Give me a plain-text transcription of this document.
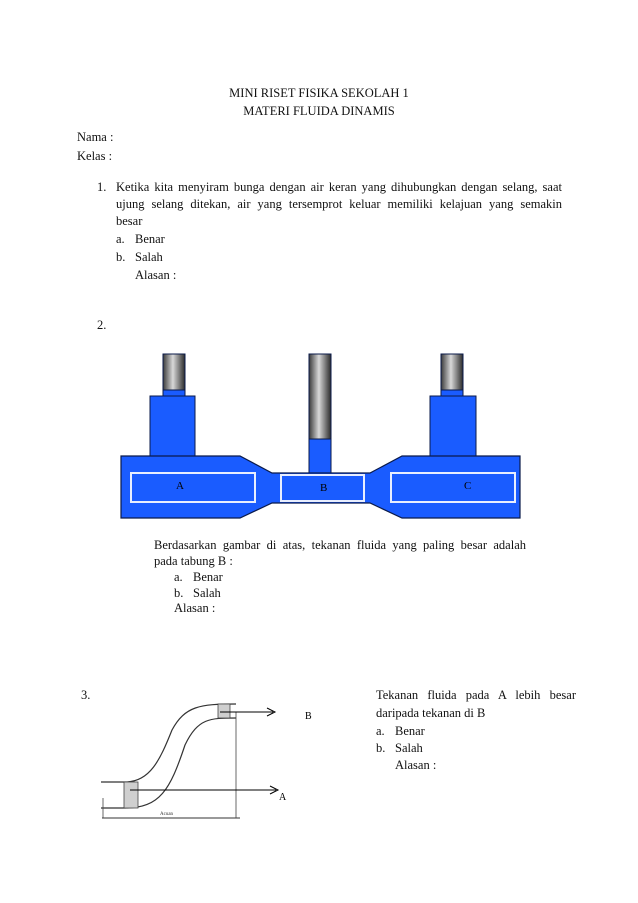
MINI RISET FISIKA SEKOLAH 1
MATERI FLUIDA DINAMIS
Nama :
Kelas :
1. Ketika kita menyiram bunga dengan air keran yang dihubungkan dengan selang, saat
ujung selang ditekan, air yang tersemprot keluar memiliki kelajuan yang semakin
besar
a. Benar
b. Salah
Alasan :
2.
A	B	C
Berdasarkan gambar di atas, tekanan fluida yang paling besar adalah
pada tabung B :
a. Benar
b. Salah
Alasan :
3.
Acuan
B
A
Tekanan fluida pada A lebih besar
daripada tekanan di B
a. Benar
b. Salah
Alasan :
